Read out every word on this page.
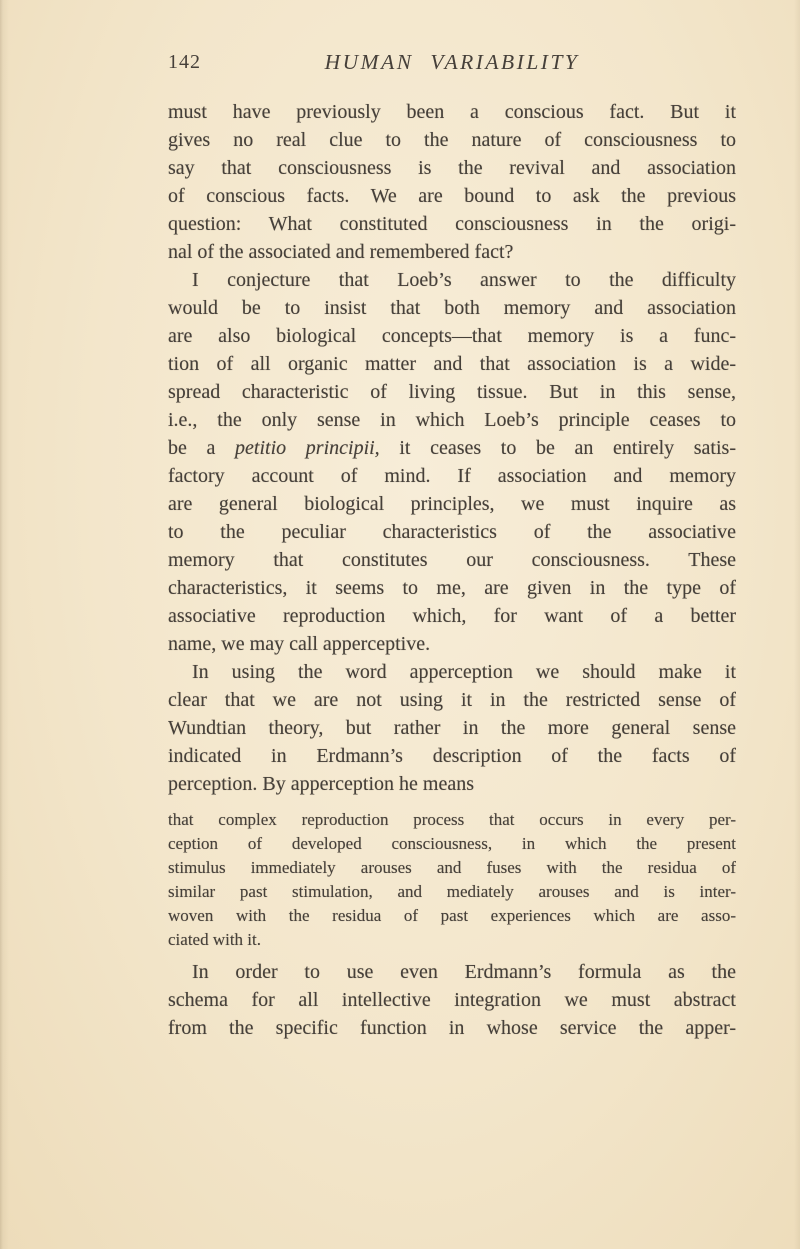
142	HUMAN VARIABILITY
must have previously been a conscious fact. But it
gives no real clue to the nature of consciousness to
say that consciousness is the revival and association
of conscious facts. We are bound to ask the previous
question: What constituted consciousness in the origi-
nal of the associated and remembered fact?
I conjecture that Loeb’s answer to the difficulty
would be to insist that both memory and association
are also biological concepts—that memory is a func-
tion of all organic matter and that association is a wide-
spread characteristic of living tissue. But in this sense,
i.e., the only sense in which Loeb’s principle ceases to
be a petitio principii, it ceases to be an entirely satis-
factory account of mind. If association and memory
are general biological principles, we must inquire as
to the peculiar characteristics of the associative
memory that constitutes our consciousness. These
characteristics, it seems to me, are given in the type of
associative reproduction which, for want of a better
name, we may call apperceptive.
In using the word apperception we should make it
clear that we are not using it in the restricted sense of
Wundtian theory, but rather in the more general sense
indicated in Erdmann’s description of the facts of
perception. By apperception he means
that complex reproduction process that occurs in every per-
ception of developed consciousness, in which the present
stimulus immediately arouses and fuses with the residua of
similar past stimulation, and mediately arouses and is inter-
woven with the residua of past experiences which are asso-
ciated with it.
In order to use even Erdmann’s formula as the
schema for all intellective integration we must abstract
from the specific function in whose service the apper-
